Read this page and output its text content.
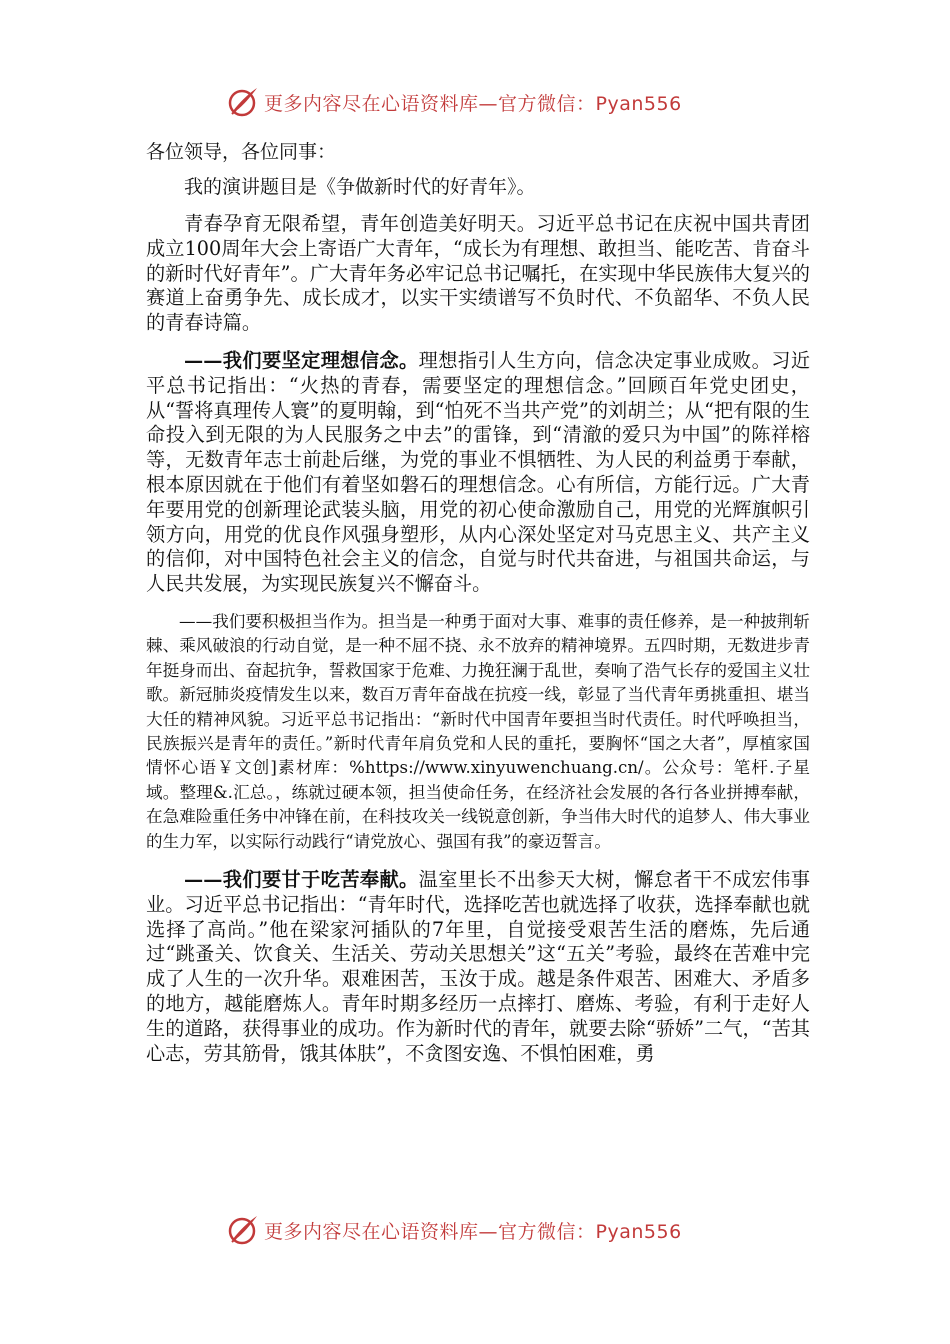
更多内容尽在心语资料库—官方微信：Pyan556

各位领导，各位同事：

我的演讲题目是《争做新时代的好青年》。

青春孕育无限希望，青年创造美好明天。习近平总书记在庆祝中国共青团成立100周年大会上寄语广大青年，“成长为有理想、敢担当、能吃苦、肯奋斗的新时代好青年”。广大青年务必牢记总书记嘱托，在实现中华民族伟大复兴的赛道上奋勇争先、成长成才，以实干实绩谱写不负时代、不负韶华、不负人民的青春诗篇。

——我们要坚定理想信念。理想指引人生方向，信念决定事业成败。习近平总书记指出：“火热的青春，需要坚定的理想信念。”回顾百年党史团史，从“誓将真理传人寰”的夏明翰，到“怕死不当共产党”的刘胡兰；从“把有限的生命投入到无限的为人民服务之中去”的雷锋，到“清澈的爱只为中国”的陈祥榕等，无数青年志士前赴后继，为党的事业不惧牺牲、为人民的利益勇于奉献，根本原因就在于他们有着坚如磐石的理想信念。心有所信，方能行远。广大青年要用党的创新理论武装头脑，用党的初心使命激励自己，用党的光辉旗帜引领方向，用党的优良作风强身塑形，从内心深处坚定对马克思主义、共产主义的信仰，对中国特色社会主义的信念，自觉与时代共奋进，与祖国共命运，与人民共发展，为实现民族复兴不懈奋斗。

——我们要积极担当作为。担当是一种勇于面对大事、难事的责任修养，是一种披荆斩棘、乘风破浪的行动自觉，是一种不屈不挠、永不放弃的精神境界。五四时期，无数进步青年挺身而出、奋起抗争，誓救国家于危难、力挽狂澜于乱世，奏响了浩气长存的爱国主义壮歌。新冠肺炎疫情发生以来，数百万青年奋战在抗疫一线，彰显了当代青年勇挑重担、堪当大任的精神风貌。习近平总书记指出：“新时代中国青年要担当时代责任。时代呼唤担当，民族振兴是青年的责任。”新时代青年肩负党和人民的重托，要胸怀“国之大者”，厚植家国情怀心语￥文创]素材库：%https://www.xinyuwenchuang.cn/。公众号：笔杆.子星域。整理&.汇总。，练就过硬本领，担当使命任务，在经济社会发展的各行各业拼搏奉献，在急难险重任务中冲锋在前，在科技攻关一线锐意创新，争当伟大时代的追梦人、伟大事业的生力军，以实际行动践行“请党放心、强国有我”的豪迈誓言。

——我们要甘于吃苦奉献。温室里长不出参天大树，懈怠者干不成宏伟事业。习近平总书记指出：“青年时代，选择吃苦也就选择了收获，选择奉献也就选择了高尚。”他在梁家河插队的7年里，自觉接受艰苦生活的磨炼，先后通过“跳蚤关、饮食关、生活关、劳动关思想关”这“五关”考验，最终在苦难中完成了人生的一次升华。艰难困苦，玉汝于成。越是条件艰苦、困难大、矛盾多的地方，越能磨炼人。青年时期多经历一点摔打、磨炼、考验，有利于走好人生的道路，获得事业的成功。作为新时代的青年，就要去除“骄娇”二气，“苦其心志，劳其筋骨，饿其体肤”，不贪图安逸、不惧怕困难，勇

更多内容尽在心语资料库—官方微信：Pyan556
